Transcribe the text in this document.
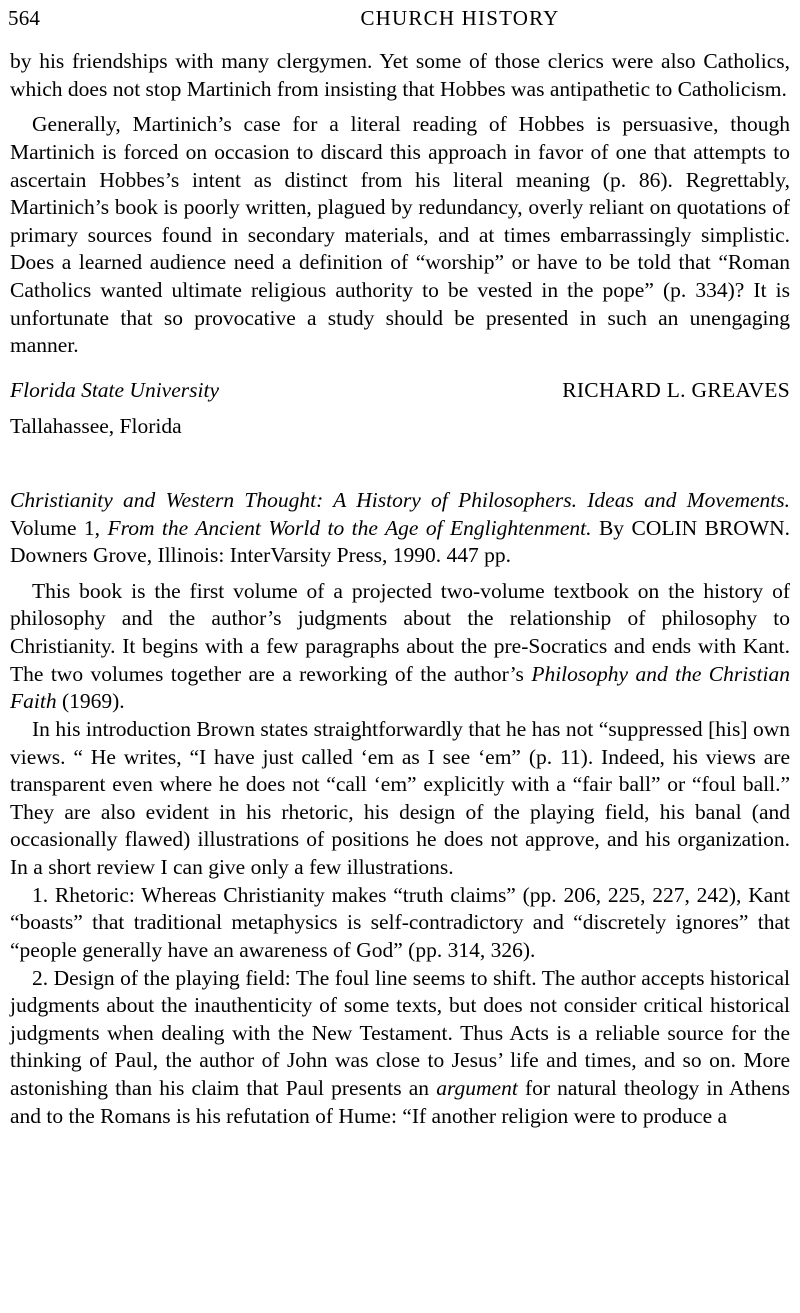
564	CHURCH HISTORY

by his friendships with many clergymen. Yet some of those clerics were also Catholics, which does not stop Martinich from insisting that Hobbes was antipathetic to Catholicism.

Generally, Martinich’s case for a literal reading of Hobbes is persuasive, though Martinich is forced on occasion to discard this approach in favor of one that attempts to ascertain Hobbes’s intent as distinct from his literal meaning (p. 86). Regrettably, Martinich’s book is poorly written, plagued by redundancy, overly reliant on quotations of primary sources found in secondary materials, and at times embarrassingly simplistic. Does a learned audience need a definition of “worship” or have to be told that “Roman Catholics wanted ultimate religious authority to be vested in the pope” (p. 334)? It is unfortunate that so provocative a study should be presented in such an unengaging manner.

Florida State University	RICHARD L. GREAVES
Tallahassee, Florida
Christianity and Western Thought: A History of Philosophers. Ideas and Movements. Volume 1, From the Ancient World to the Age of Englightenment. By COLIN BROWN. Downers Grove, Illinois: InterVarsity Press, 1990. 447 pp.

This book is the first volume of a projected two-volume textbook on the history of philosophy and the author’s judgments about the relationship of philosophy to Christianity. It begins with a few paragraphs about the pre-Socratics and ends with Kant. The two volumes together are a reworking of the author’s Philosophy and the Christian Faith (1969).

In his introduction Brown states straightforwardly that he has not “suppressed [his] own views. “ He writes, “I have just called ‘em as I see ‘em” (p. 11). Indeed, his views are transparent even where he does not “call ‘em” explicitly with a “fair ball” or “foul ball.” They are also evident in his rhetoric, his design of the playing field, his banal (and occasionally flawed) illustrations of positions he does not approve, and his organization. In a short review I can give only a few illustrations.

1. Rhetoric: Whereas Christianity makes “truth claims” (pp. 206, 225, 227, 242), Kant “boasts” that traditional metaphysics is self-contradictory and “discretely ignores” that “people generally have an awareness of God” (pp. 314, 326).

2. Design of the playing field: The foul line seems to shift. The author accepts historical judgments about the inauthenticity of some texts, but does not consider critical historical judgments when dealing with the New Testament. Thus Acts is a reliable source for the thinking of Paul, the author of John was close to Jesus’ life and times, and so on. More astonishing than his claim that Paul presents an argument for natural theology in Athens and to the Romans is his refutation of Hume: “If another religion were to produce a
